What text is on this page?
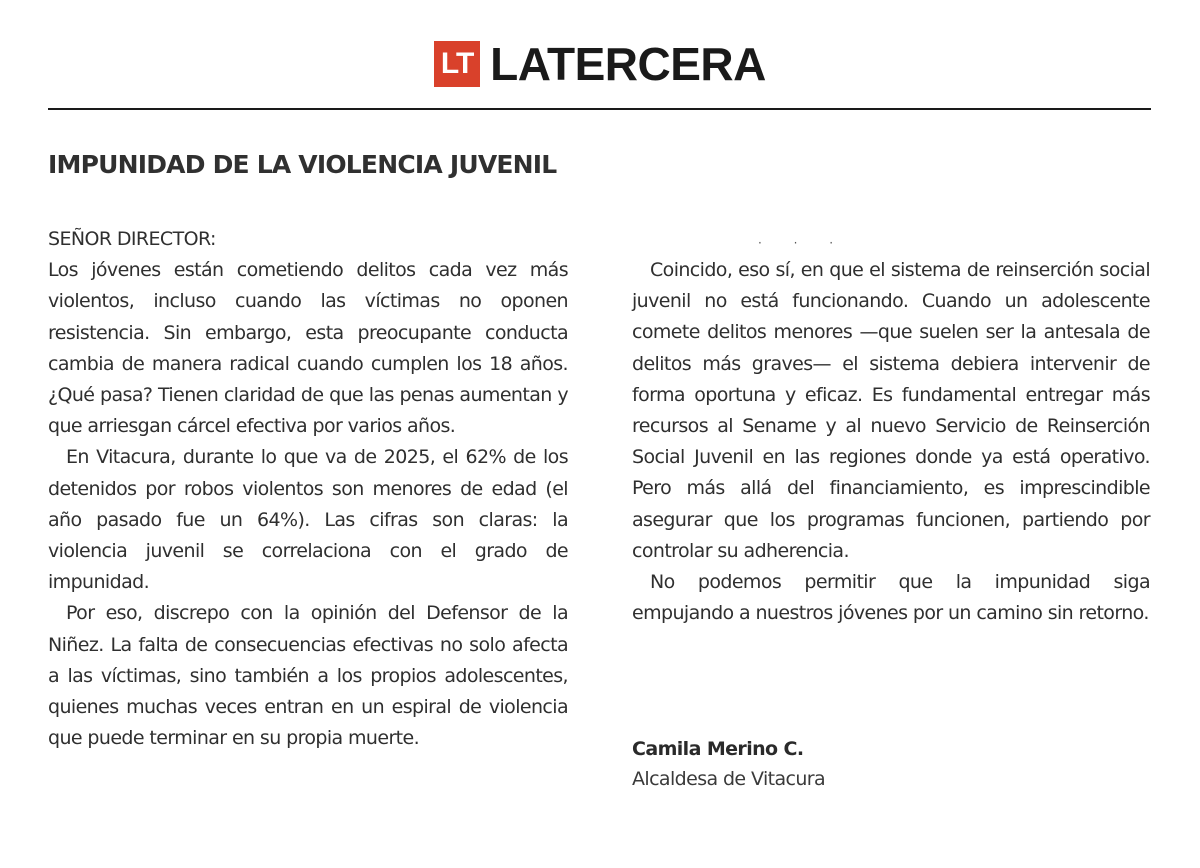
LT LATERCERA
IMPUNIDAD DE LA VIOLENCIA JUVENIL

SEÑOR DIRECTOR:

Los jóvenes están cometiendo delitos cada vez más violentos, incluso cuando las víctimas no oponen resistencia. Sin embargo, esta preocupante conducta cambia de manera radical cuando cumplen los 18 años. ¿Qué pasa? Tienen claridad de que las penas aumentan y que arriesgan cárcel efectiva por varios años.

En Vitacura, durante lo que va de 2025, el 62% de los detenidos por robos violentos son menores de edad (el año pasado fue un 64%). Las cifras son claras: la violencia juvenil se correlaciona con el grado de impunidad.

Por eso, discrepo con la opinión del Defensor de la Niñez. La falta de consecuencias efectivas no solo afecta a las víctimas, sino también a los propios adolescentes, quienes muchas veces entran en un espiral de violencia que puede terminar en su propia muerte.

· · ·

Coincido, eso sí, en que el sistema de reinserción social juvenil no está funcionando. Cuando un adolescente comete delitos menores —que suelen ser la antesala de delitos más graves— el sistema debiera intervenir de forma oportuna y eficaz. Es fundamental entregar más recursos al Sename y al nuevo Servicio de Reinserción Social Juvenil en las regiones donde ya está operativo. Pero más allá del financiamiento, es imprescindible asegurar que los programas funcionen, partiendo por controlar su adherencia.

No podemos permitir que la impunidad siga empujando a nuestros jóvenes por un camino sin retorno.

Camila Merino C.

Alcaldesa de Vitacura
